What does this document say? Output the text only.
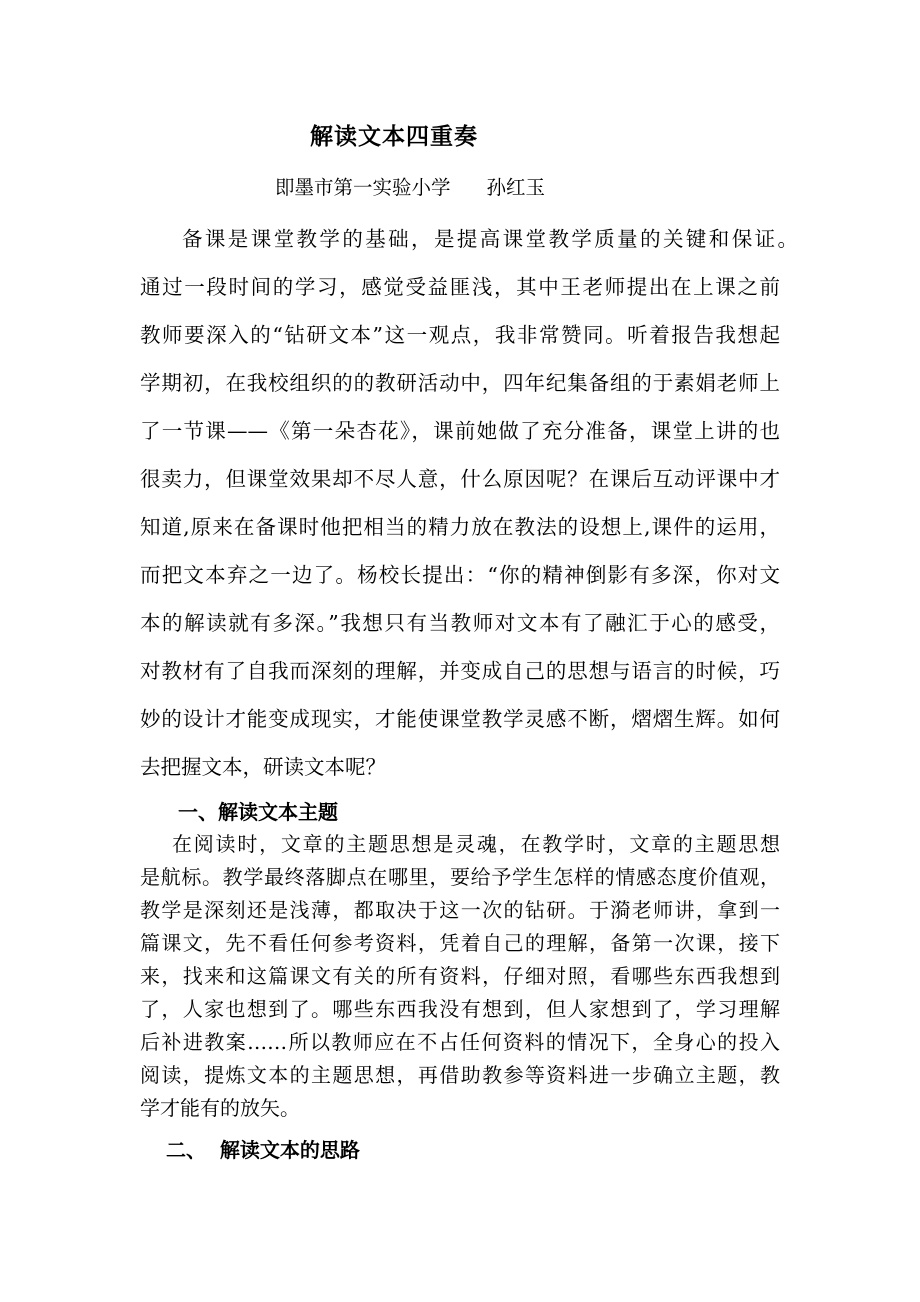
解读文本四重奏
即墨市第一实验小学 孙红玉
备课是课堂教学的基础，是提高课堂教学质量的关键和保证。
通过一段时间的学习，感觉受益匪浅，其中王老师提出在上课之前
教师要深入的“钻研文本”这一观点，我非常赞同。听着报告我想起
学期初，在我校组织的的教研活动中，四年纪集备组的于素娟老师上
了一节课——《第一朵杏花》，课前她做了充分准备，课堂上讲的也
很卖力，但课堂效果却不尽人意，什么原因呢？在课后互动评课中才
知道,原来在备课时他把相当的精力放在教法的设想上,课件的运用，
而把文本弃之一边了。杨校长提出：“你的精神倒影有多深，你对文
本的解读就有多深。”我想只有当教师对文本有了融汇于心的感受，
对教材有了自我而深刻的理解，并变成自己的思想与语言的时候，巧
妙的设计才能变成现实，才能使课堂教学灵感不断，熠熠生辉。如何
去把握文本，研读文本呢？
一、解读文本主题
在阅读时，文章的主题思想是灵魂，在教学时，文章的主题思想
是航标。教学最终落脚点在哪里，要给予学生怎样的情感态度价值观，
教学是深刻还是浅薄，都取决于这一次的钻研。于漪老师讲，拿到一
篇课文，先不看任何参考资料，凭着自己的理解，备第一次课，接下
来，找来和这篇课文有关的所有资料，仔细对照，看哪些东西我想到
了，人家也想到了。哪些东西我没有想到，但人家想到了，学习理解
后补进教案……所以教师应在不占任何资料的情况下，全身心的投入
阅读，提炼文本的主题思想，再借助教参等资料进一步确立主题，教
学才能有的放矢。
二、  解读文本的思路
